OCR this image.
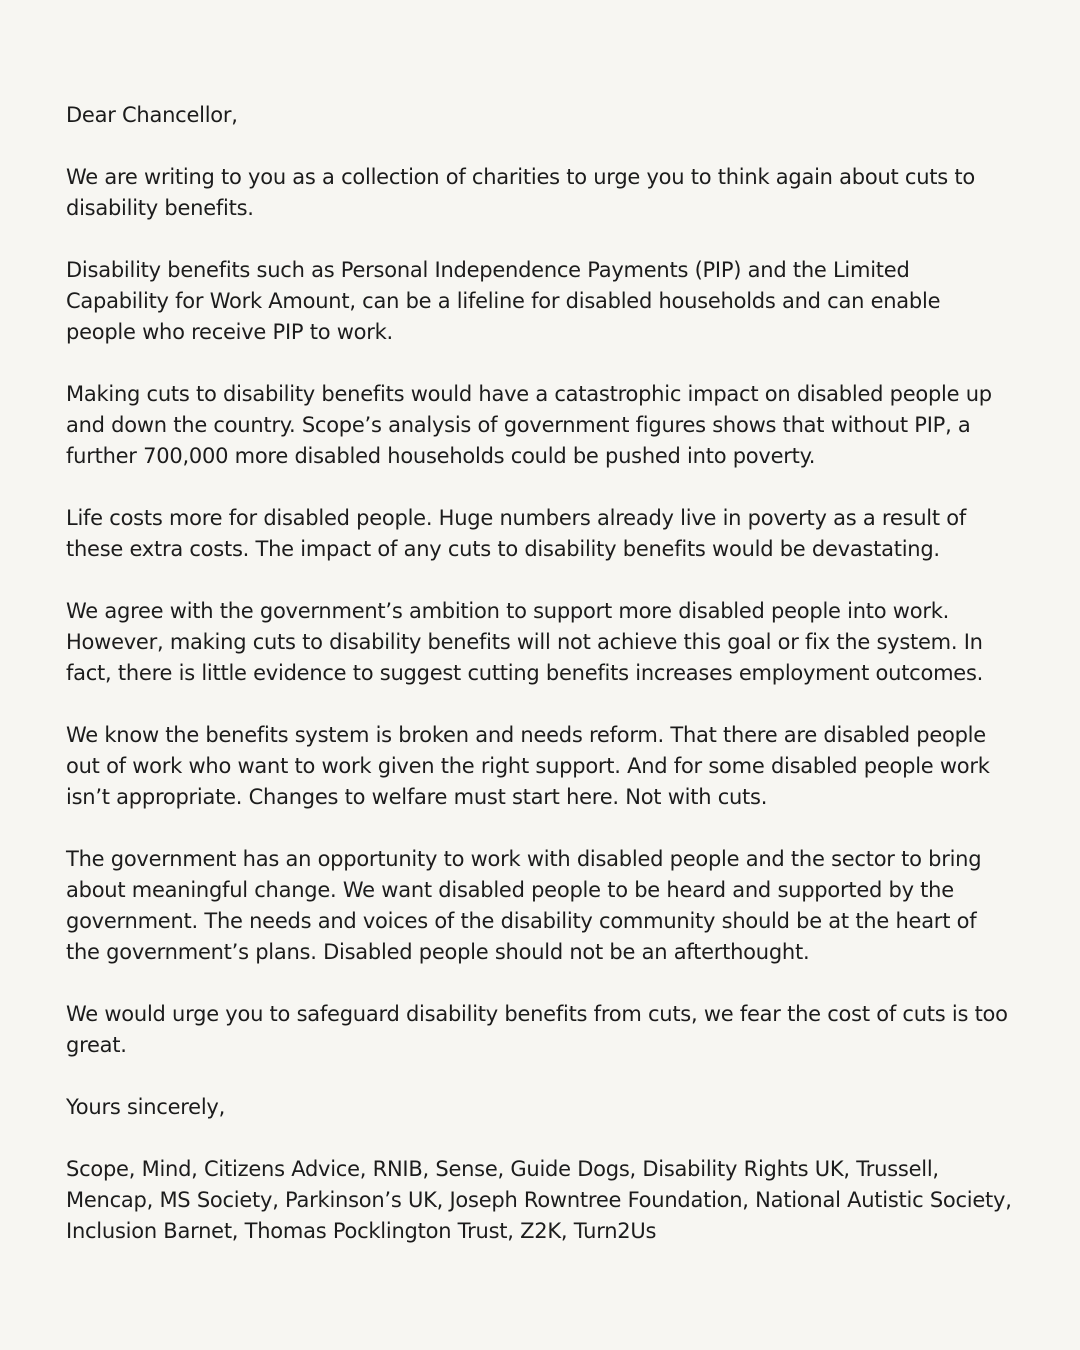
Dear Chancellor,

We are writing to you as a collection of charities to urge you to think again about cuts to disability benefits.

Disability benefits such as Personal Independence Payments (PIP) and the Limited Capability for Work Amount, can be a lifeline for disabled households and can enable people who receive PIP to work.

Making cuts to disability benefits would have a catastrophic impact on disabled people up and down the country. Scope’s analysis of government figures shows that without PIP, a further 700,000 more disabled households could be pushed into poverty.

Life costs more for disabled people. Huge numbers already live in poverty as a result of these extra costs. The impact of any cuts to disability benefits would be devastating.

We agree with the government’s ambition to support more disabled people into work. However, making cuts to disability benefits will not achieve this goal or fix the system. In fact, there is little evidence to suggest cutting benefits increases employment outcomes.

We know the benefits system is broken and needs reform. That there are disabled people out of work who want to work given the right support. And for some disabled people work isn’t appropriate. Changes to welfare must start here. Not with cuts.

The government has an opportunity to work with disabled people and the sector to bring about meaningful change. We want disabled people to be heard and supported by the government. The needs and voices of the disability community should be at the heart of the government’s plans. Disabled people should not be an afterthought.

We would urge you to safeguard disability benefits from cuts, we fear the cost of cuts is too great.

Yours sincerely,

Scope, Mind, Citizens Advice, RNIB, Sense, Guide Dogs, Disability Rights UK, Trussell, Mencap, MS Society, Parkinson’s UK, Joseph Rowntree Foundation, National Autistic Society, Inclusion Barnet, Thomas Pocklington Trust, Z2K, Turn2Us
